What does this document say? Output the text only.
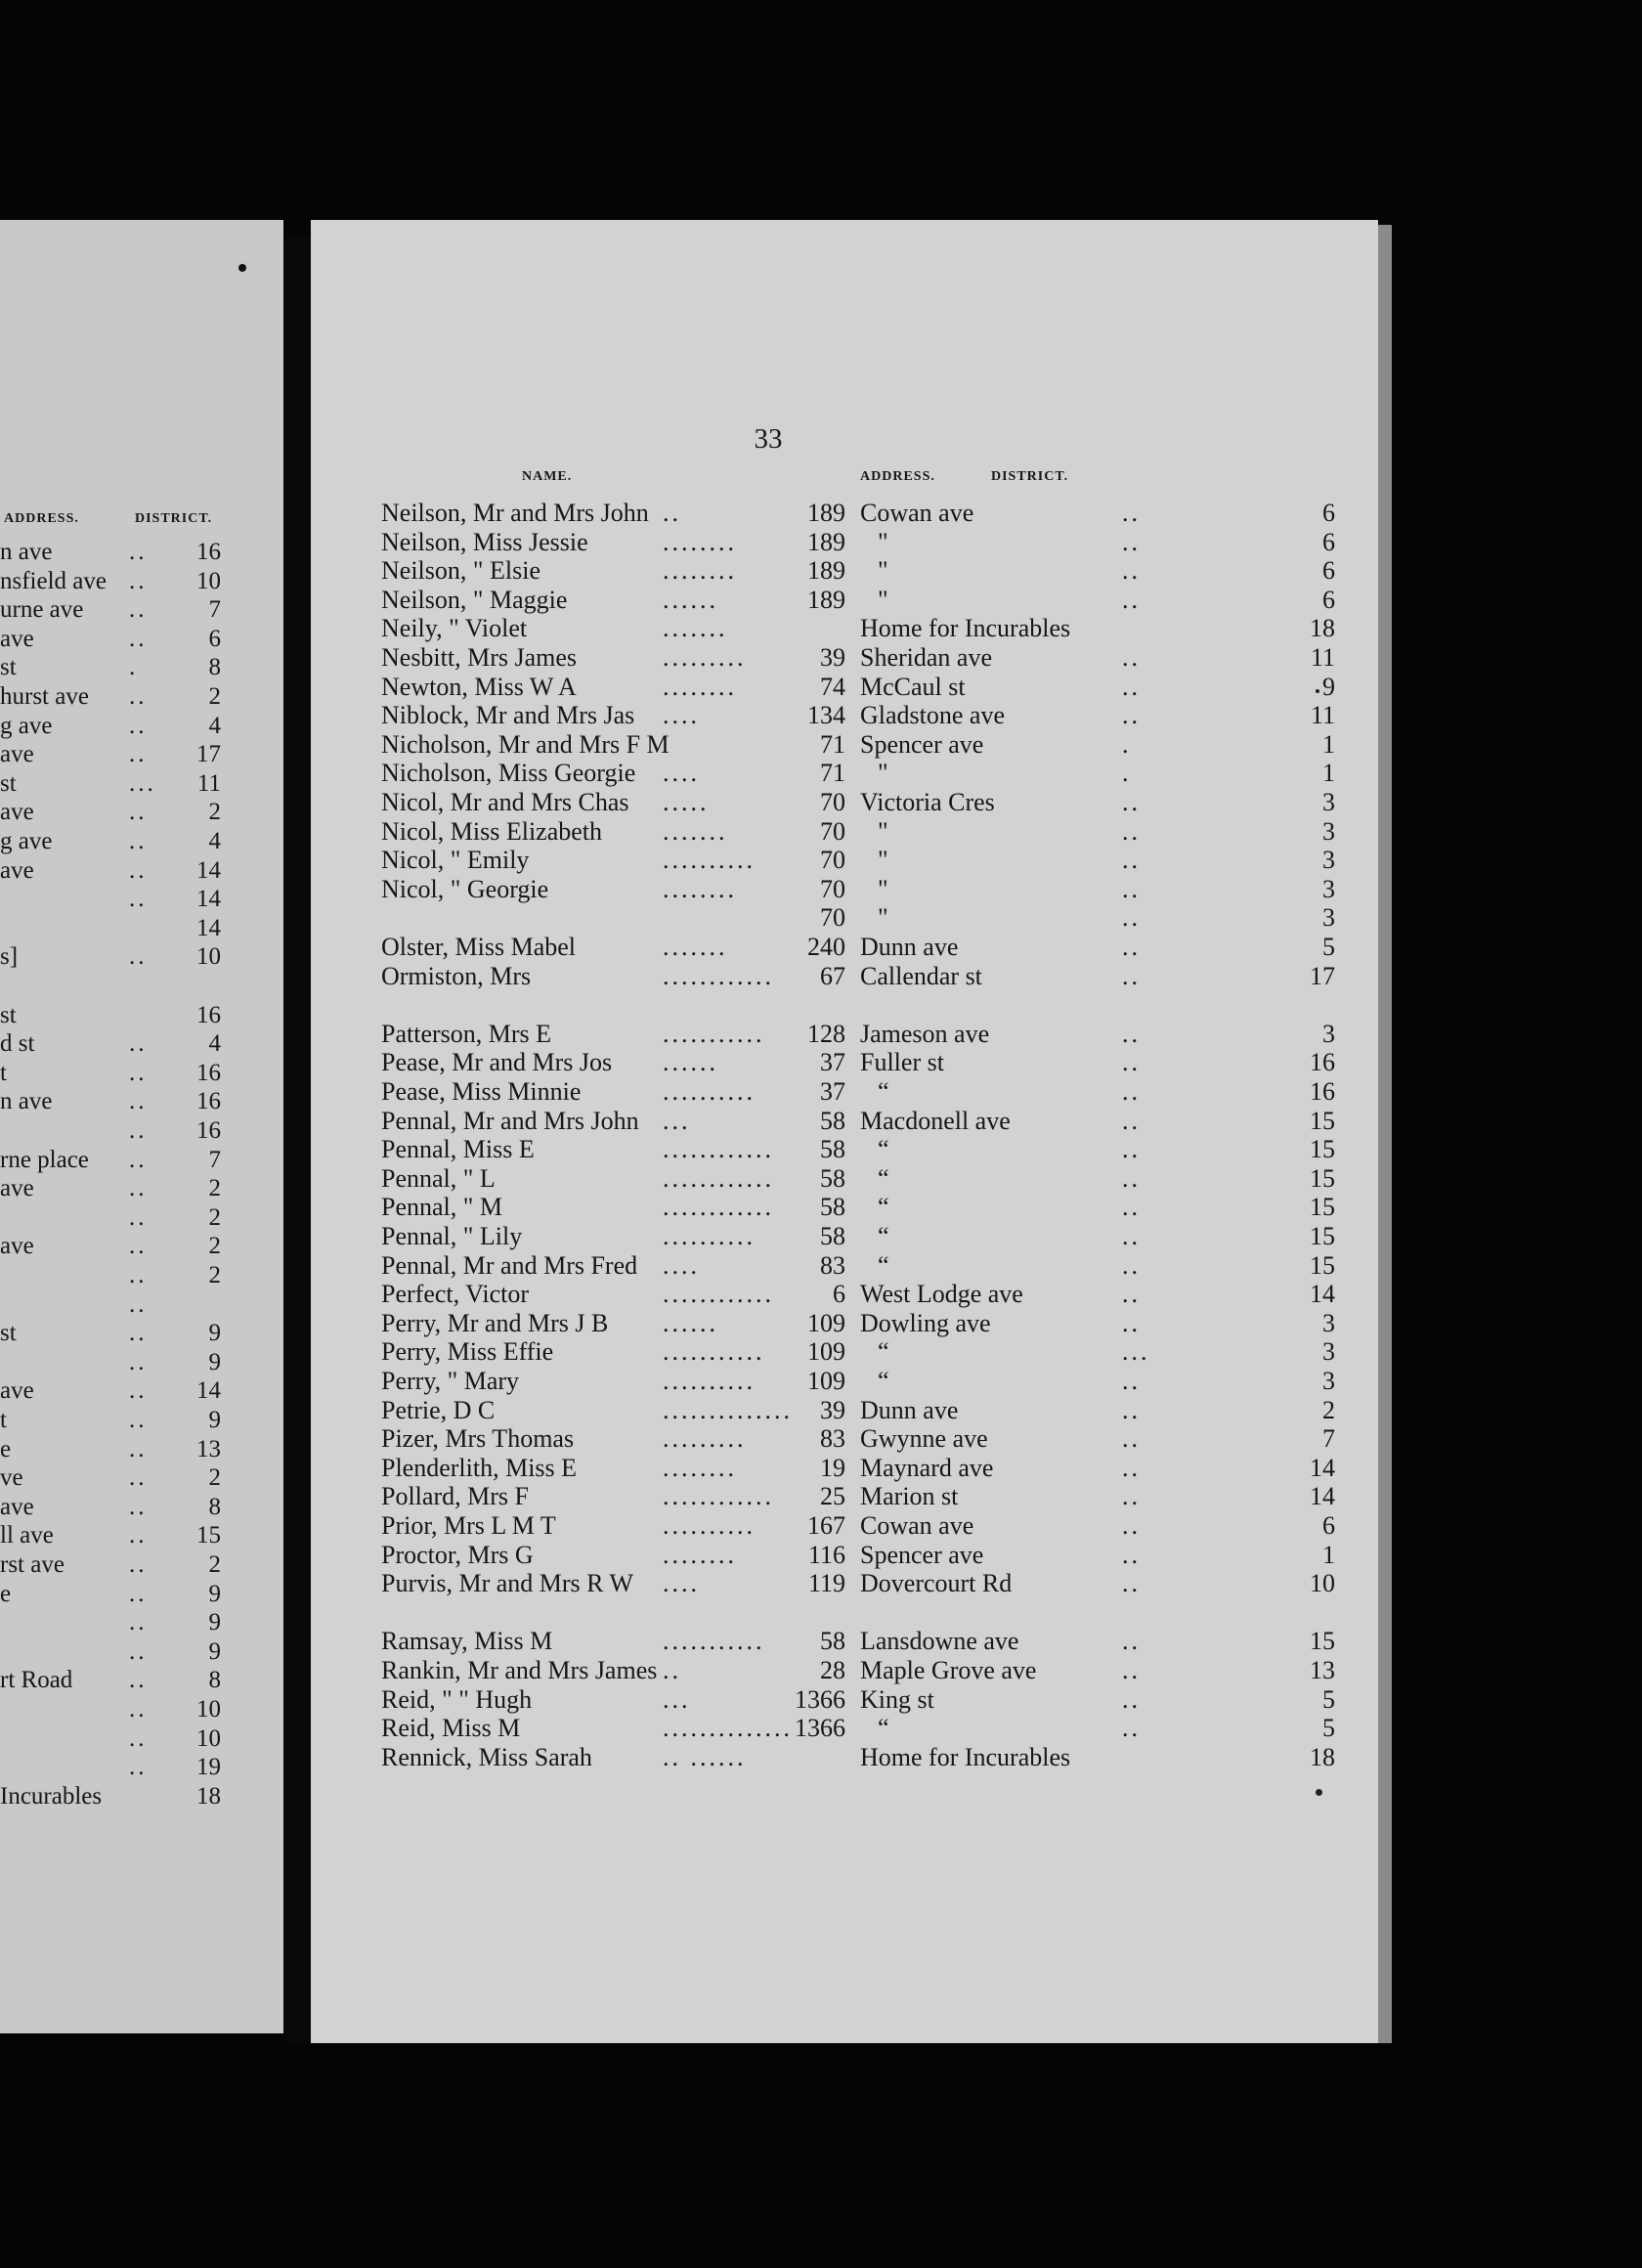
ADDRESS.	DISTRICT.
n ave	.. 16
nsfield ave .. 10
urne ave ..	7
ave	..	6
st	.	8
hurst ave ..	2
g ave	..	4
ave	.. 17
st	... 11
ave	..	2
g ave	..	4
ave	.. 14
.. 14
14
s]	.. 10
st	16
d st	..	4
t	.. 16
n ave	.. 16
.. 16
rne place ..	7
ave	..	2
..	2
ave	..	2
..	2
..
st	..	9
..	9
ave	.. 14
t	..	9
e	.. 13
ve	..	2
ave	..	8
ll ave	.. 15
rst ave	..	2
e	..	9
..	9
..	9
rt Road ..	8
.. 10
.. 10
.. 19
Incurables	18
33
NAME.	ADDRESS.	DISTRICT.
Neilson, Mr and Mrs John ..	189 Cowan ave	..	6
Neilson, Miss Jessie	........	189 "	..	6
Neilson, " Elsie	........	189 "	..	6
Neilson, " Maggie	......	189 "	..	6
Neily, " Violet	.......	Home for Incurables	18
Nesbitt, Mrs James	.........	39 Sheridan ave	..	11
Newton, Miss W A	........	74 McCaul st	..	9
Niblock, Mr and Mrs Jas ....	134 Gladstone ave	..	11
Nicholson, Mr and Mrs F M	71 Spencer ave	.	1
Nicholson, Miss Georgie ....	71 "	.	1
Nicol, Mr and Mrs Chas .....	70 Victoria Cres	..	3
Nicol, Miss Elizabeth .......	70 "	..	3
Nicol, " Emily	..........	70 "	..	3
Nicol, " Georgie	........	70 "	..	3
70 "	..	3
Olster, Miss Mabel	.......	240 Dunn ave	..	5
Ormiston, Mrs	............ 67 Callendar st	..	17
Patterson, Mrs E	........... 128 Jameson ave	..	3
Pease, Mr and Mrs Jos ......	37 Fuller st	..	16
Pease, Miss Minnie	..........	37 “	..	16
Pennal, Mr and Mrs John ...	58 Macdonell ave	..	15
Pennal, Miss E	............ 58 “	..	15
Pennal, " L	............ 58 “	..	15
Pennal, " M	............ 58 “	..	15
Pennal, " Lily	..........	58 “	..	15
Pennal, Mr and Mrs Fred ....	83 “	..	15
Perfect, Victor	............ 6 West Lodge ave	..	14
Perry, Mr and Mrs J B ......	109 Dowling ave	..	3
Perry, Miss Effie	........... 109 “	...	3
Perry, " Mary	.......... 109 “	..	3
Petrie, D C	.............. 39 Dunn ave	..	2
Pizer, Mrs Thomas	.........	83 Gwynne ave	..	7
Plenderlith, Miss E	........	19 Maynard ave	..	14
Pollard, Mrs F	............ 25 Marion st	..	14
Prior, Mrs L M T	.......... 167 Cowan ave	..	6
Proctor, Mrs G	........	116 Spencer ave	..	1
Purvis, Mr and Mrs R W ....	119 Dovercourt Rd	..	10
Ramsay, Miss M	........... 58 Lansdowne ave	..	15
Rankin, Mr and Mrs James ..	28 Maple Grove ave	..	13
Reid, " " Hugh	...	1366 King st	..	5
Reid, Miss M	.............. 1366 “	..	5
Rennick, Miss Sarah	.. ......	Home for Incurables	18
